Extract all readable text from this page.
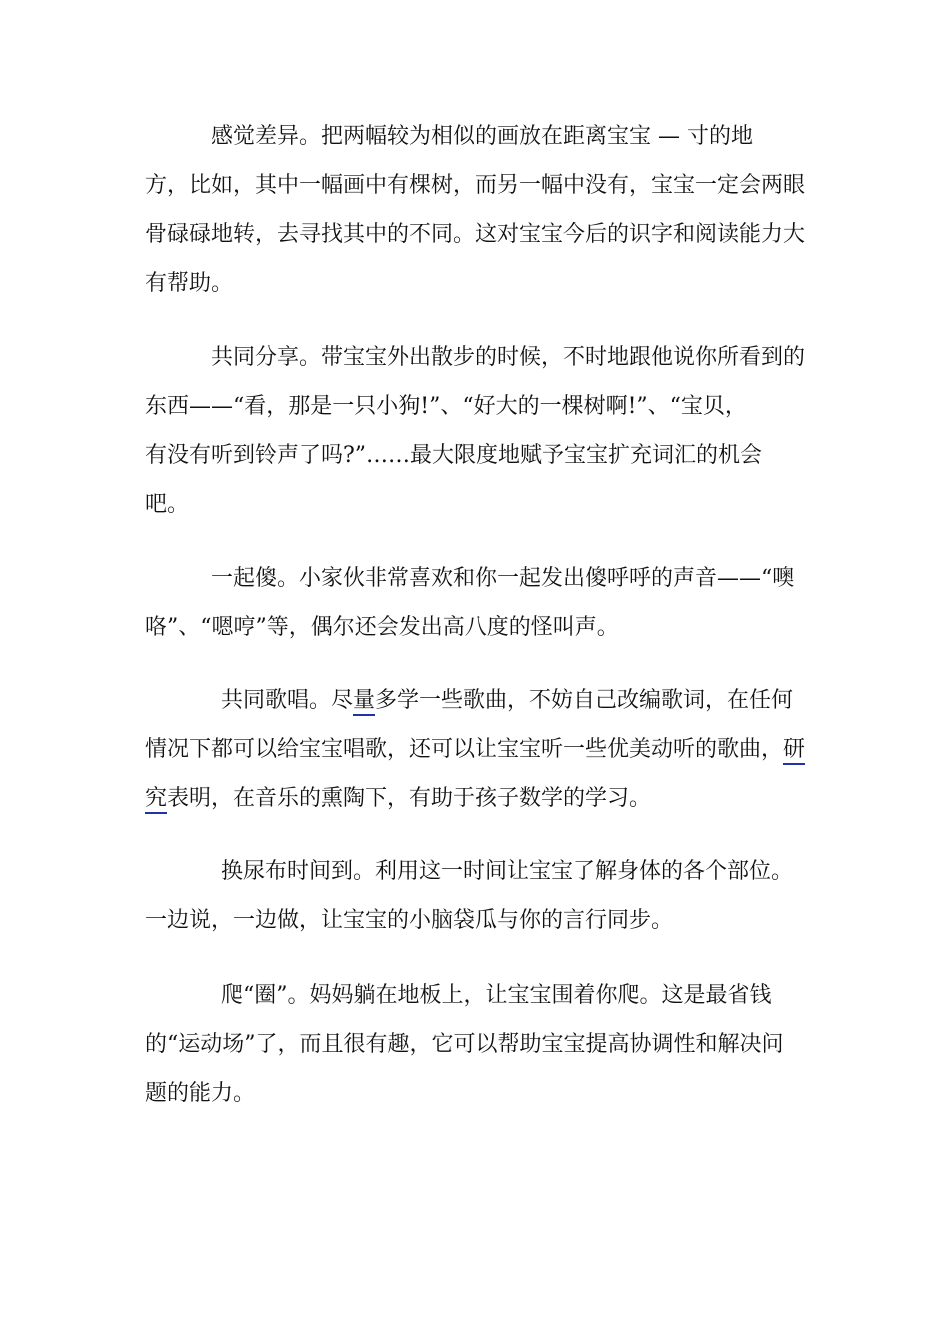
感觉差异。把两幅较为相似的画放在距离宝宝 — 寸的地
方，比如，其中一幅画中有棵树，而另一幅中没有，宝宝一定会两眼
骨碌碌地转，去寻找其中的不同。这对宝宝今后的识字和阅读能力大
有帮助。

共同分享。带宝宝外出散步的时候，不时地跟他说你所看到的
东西——“看，那是一只小狗!”、“好大的一棵树啊!”、“宝贝，
有没有听到铃声了吗?”……最大限度地赋予宝宝扩充词汇的机会
吧。

一起傻。小家伙非常喜欢和你一起发出傻呼呼的声音——“噢
咯”、“嗯哼”等，偶尔还会发出高八度的怪叫声。

共同歌唱。尽量多学一些歌曲，不妨自己改编歌词，在任何
情况下都可以给宝宝唱歌，还可以让宝宝听一些优美动听的歌曲，研
究表明，在音乐的熏陶下，有助于孩子数学的学习。

换尿布时间到。利用这一时间让宝宝了解身体的各个部位。
一边说，一边做，让宝宝的小脑袋瓜与你的言行同步。

爬“圈”。妈妈躺在地板上，让宝宝围着你爬。这是最省钱
的“运动场”了，而且很有趣，它可以帮助宝宝提高协调性和解决问
题的能力。
